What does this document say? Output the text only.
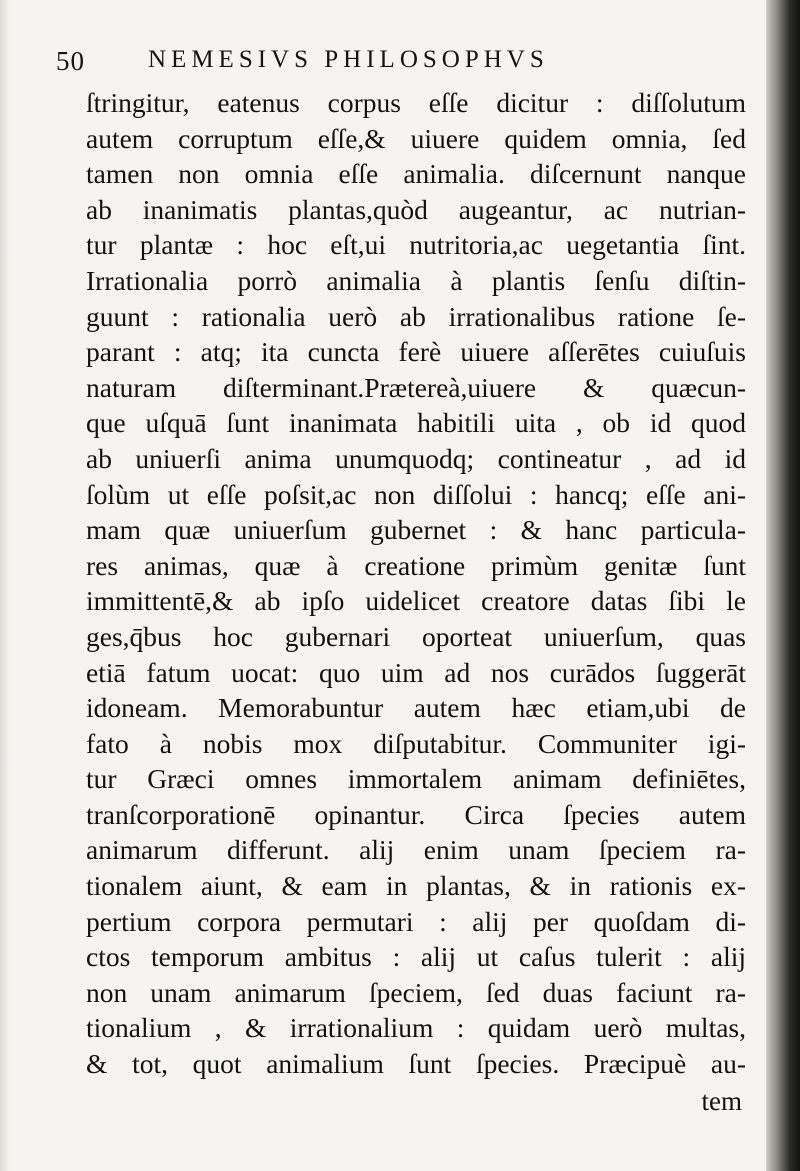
50	NEMESIVS PHILOSOPHVS
ſtringitur, eatenus corpus eſſe dicitur : diſſolutum
autem corruptum eſſe,& uiuere quidem omnia, ſed
tamen non omnia eſſe animalia. diſcernunt nanque
ab inanimatis plantas,quòd augeantur, ac nutrian-
tur plantæ : hoc eſt,ui nutritoria,ac uegetantia ſint.
Irrationalia porrò animalia à plantis ſenſu diſtin-
guunt : rationalia uerò ab irrationalibus ratione ſe-
parant : atq; ita cuncta ferè uiuere aſſerētes cuiuſuis
naturam diſterminant.Prætereà,uiuere & quæcun-
que uſquā ſunt inanimata habitili uita , ob id quod
ab uniuerſi anima unumquodq; contineatur , ad id
ſolùm ut eſſe poſsit,ac non diſſolui : hancq; eſſe ani-
mam quæ uniuerſum gubernet : & hanc particula-
res animas, quæ à creatione primùm genitæ ſunt
immittentē,& ab ipſo uidelicet creatore datas ſibi le
ges,q̄bus hoc gubernari oporteat uniuerſum, quas
etiā fatum uocat: quo uim ad nos curādos ſuggerāt
idoneam. Memorabuntur autem hæc etiam,ubi de
fato à nobis mox diſputabitur. Communiter igi-
tur Græci omnes immortalem animam definiētes,
tranſcorporationē opinantur. Circa ſpecies autem
animarum differunt. alij enim unam ſpeciem ra-
tionalem aiunt, & eam in plantas, & in rationis ex-
pertium corpora permutari : alij per quoſdam di-
ctos temporum ambitus : alij ut caſus tulerit : alij
non unam animarum ſpeciem, ſed duas faciunt ra-
tionalium , & irrationalium : quidam uerò multas,
& tot, quot animalium ſunt ſpecies. Præcipuè au-
tem
